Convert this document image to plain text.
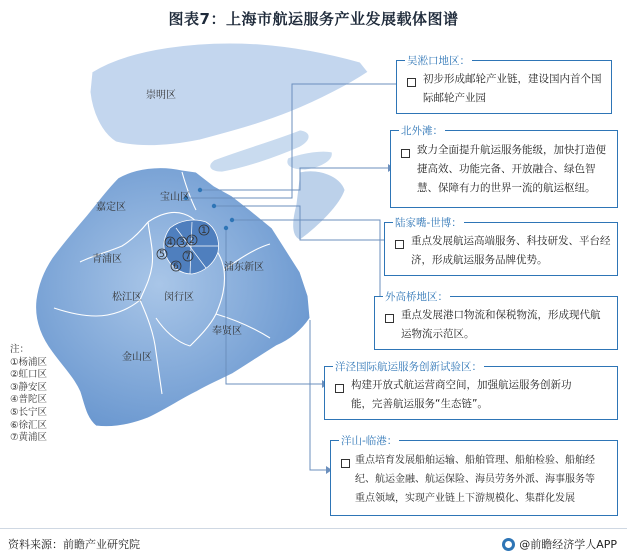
图表7：上海市航运服务产业发展载体图谱
崇明区
宝山区
嘉定区
青浦区
松江区 闵行区
浦东新区
奉贤区
金山区
1
2
3
4
5
6
7
注：
①杨浦区
②虹口区
③静安区
④普陀区
⑤长宁区
⑥徐汇区
⑦黄浦区
吴淞口地区：
初步形成邮轮产业链，建设国内首个国
际邮轮产业园
北外滩：
致力全面提升航运服务能级，加快打造便
捷高效、功能完备、开放融合、绿色智
慧、保障有力的世界一流的航运枢纽。
陆家嘴-世博：
重点发展航运高端服务、科技研发、平台经
济，形成航运服务品牌优势。
外高桥地区：
重点发展港口物流和保税物流，形成现代航
运物流示范区。
洋泾国际航运服务创新试验区：
构建开放式航运营商空间，加强航运服务创新功
能，完善航运服务“生态链”。
洋山-临港：
重点培育发展船舶运输、船舶管理、船舶检验、船舶经
纪、航运金融、航运保险、海员劳务外派、海事服务等
重点领域，实现产业链上下游规模化、集群化发展
资料来源：前瞻产业研究院	@前瞻经济学人APP
